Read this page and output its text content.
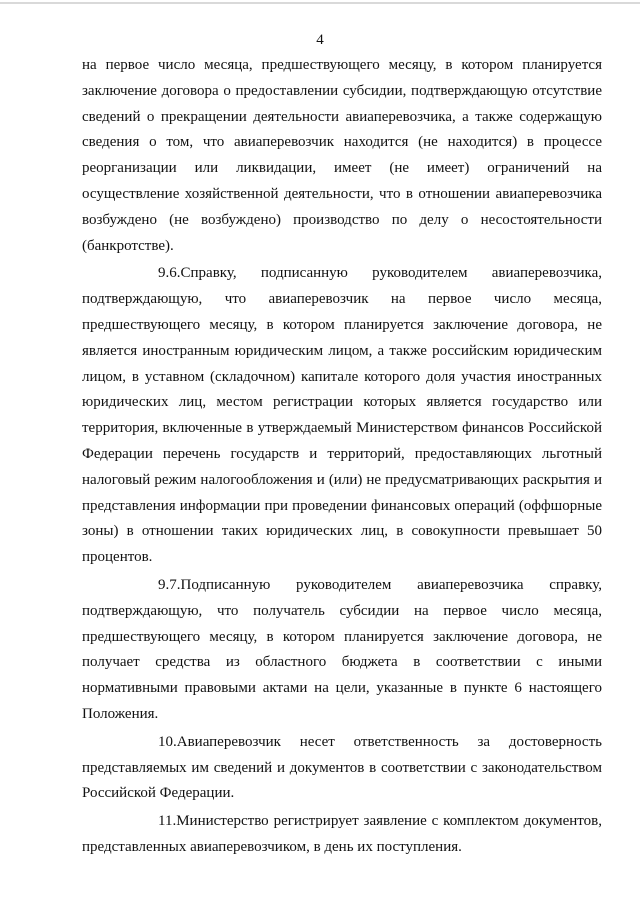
4

на первое число месяца, предшествующего месяцу, в котором планируется заключение договора о предоставлении субсидии, подтверждающую отсутствие сведений о прекращении деятельности авиаперевозчика, а также содержащую сведения о том, что авиаперевозчик находится (не находится) в процессе реорганизации или ликвидации, имеет (не имеет) ограничений на осуществление хозяйственной деятельности, что в отношении авиаперевозчика возбуждено (не возбуждено) производство по делу о несостоятельности (банкротстве).

9.6.Справку, подписанную руководителем авиаперевозчика, подтверждающую, что авиаперевозчик на первое число месяца, предшествующего месяцу, в котором планируется заключение договора, не является иностранным юридическим лицом, а также российским юридическим лицом, в уставном (складочном) капитале которого доля участия иностранных юридических лиц, местом регистрации которых является государство или территория, включенные в утверждаемый Министерством финансов Российской Федерации перечень государств и территорий, предоставляющих льготный налоговый режим налогообложения и (или) не предусматривающих раскрытия и представления информации при проведении финансовых операций (оффшорные зоны) в отношении таких юридических лиц, в совокупности превышает 50 процентов.

9.7.Подписанную руководителем авиаперевозчика справку, подтверждающую, что получатель субсидии на первое число месяца, предшествующего месяцу, в котором планируется заключение договора, не получает средства из областного бюджета в соответствии с иными нормативными правовыми актами на цели, указанные в пункте 6 настоящего Положения.

10.Авиаперевозчик несет ответственность за достоверность представляемых им сведений и документов в соответствии с законодательством Российской Федерации.

11.Министерство регистрирует заявление с комплектом документов, представленных авиаперевозчиком, в день их поступления.
